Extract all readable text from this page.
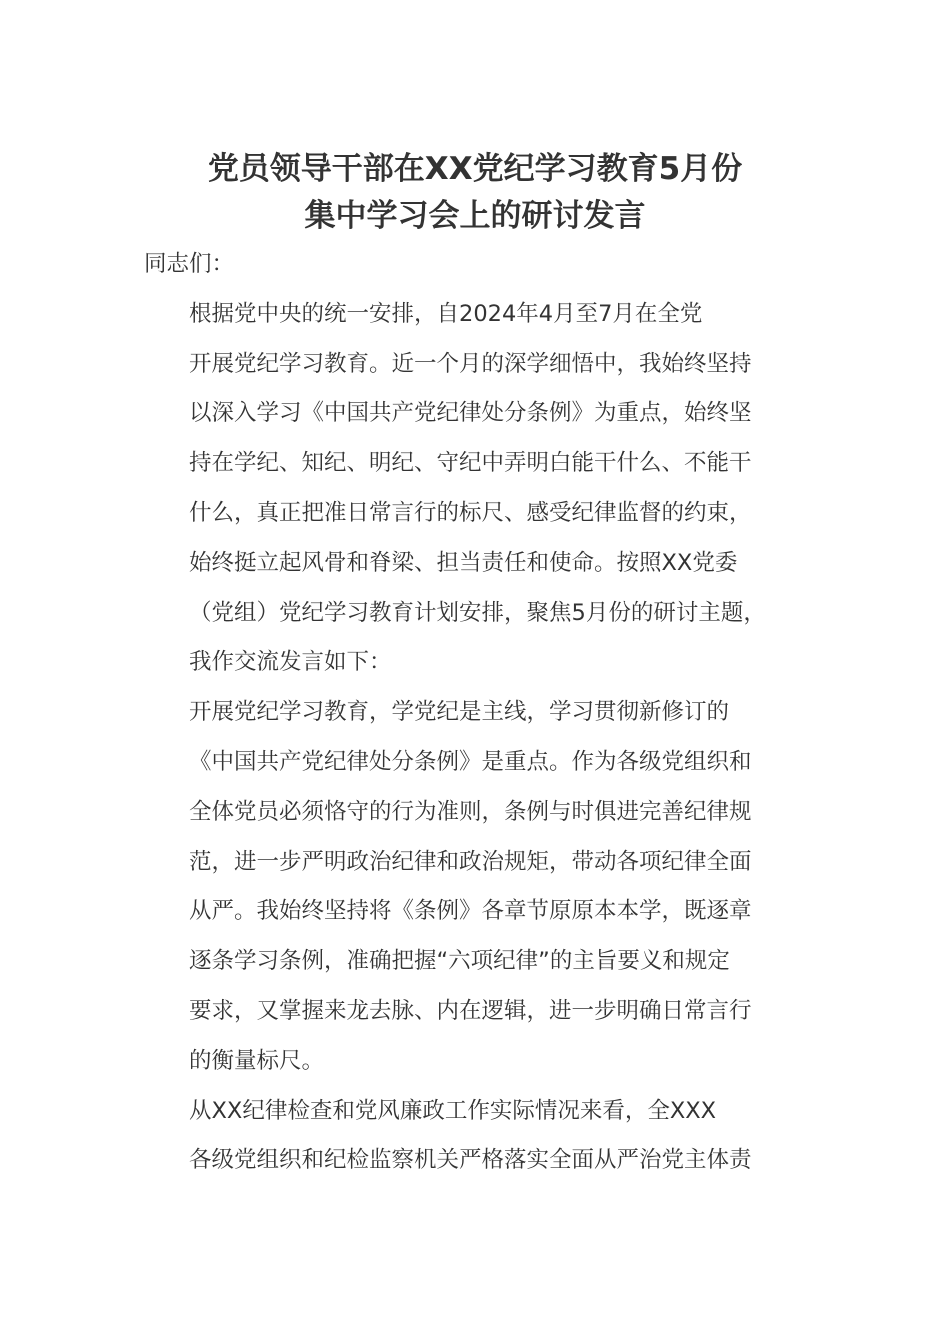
党员领导干部在XX党纪学习教育5月份
集中学习会上的研讨发言

同志们：

根据党中央的统一安排，自2024年4月至7月在全党
开展党纪学习教育。近一个月的深学细悟中，我始终坚持
以深入学习《中国共产党纪律处分条例》为重点，始终坚
持在学纪、知纪、明纪、守纪中弄明白能干什么、不能干
什么，真正把准日常言行的标尺、感受纪律监督的约束，
始终挺立起风骨和脊梁、担当责任和使命。按照XX党委
（党组）党纪学习教育计划安排，聚焦5月份的研讨主题，
我作交流发言如下：

开展党纪学习教育，学党纪是主线，学习贯彻新修订的
《中国共产党纪律处分条例》是重点。作为各级党组织和
全体党员必须恪守的行为准则，条例与时俱进完善纪律规
范，进一步严明政治纪律和政治规矩，带动各项纪律全面
从严。我始终坚持将《条例》各章节原原本本学，既逐章
逐条学习条例，准确把握“六项纪律”的主旨要义和规定
要求，又掌握来龙去脉、内在逻辑，进一步明确日常言行
的衡量标尺。

从XX纪律检查和党风廉政工作实际情况来看，全XXX
各级党组织和纪检监察机关严格落实全面从严治党主体责
